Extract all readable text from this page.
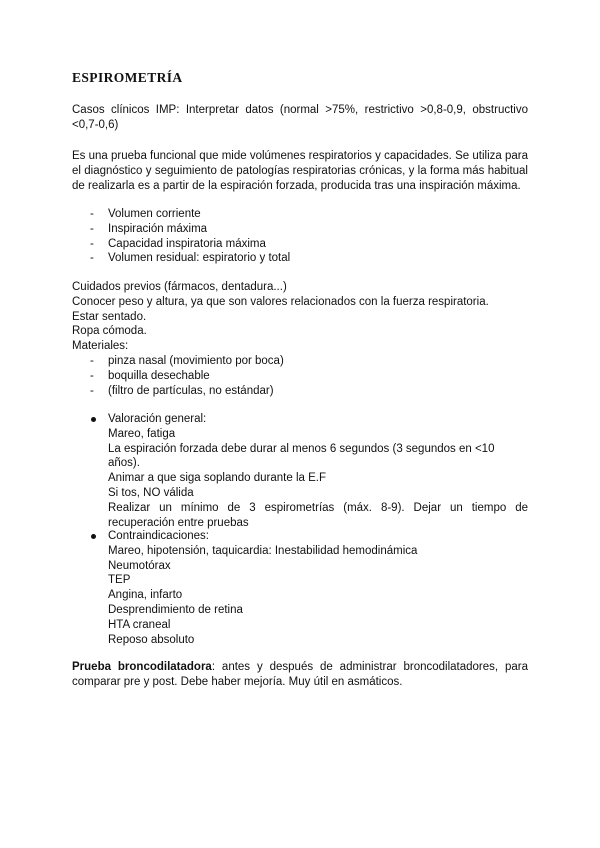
ESPIROMETRÍA
Casos clínicos IMP: Interpretar datos (normal >75%, restrictivo >0,8-0,9, obstructivo <0,7-0,6)
Es una prueba funcional que mide volúmenes respiratorios y capacidades. Se utiliza para el diagnóstico y seguimiento de patologías respiratorias crónicas, y la forma más habitual de realizarla es a partir de la espiración forzada, producida tras una inspiración máxima.
- Volumen corriente
- Inspiración máxima
- Capacidad inspiratoria máxima
- Volumen residual: espiratorio y total
Cuidados previos (fármacos, dentadura...)
Conocer peso y altura, ya que son valores relacionados con la fuerza respiratoria.
Estar sentado.
Ropa cómoda.
Materiales:
- pinza nasal (movimiento por boca)
- boquilla desechable
- (filtro de partículas, no estándar)
Valoración general:
Mareo, fatiga
La espiración forzada debe durar al menos 6 segundos (3 segundos en <10 años).
Animar a que siga soplando durante la E.F
Si tos, NO válida
Realizar un mínimo de 3 espirometrías (máx. 8-9). Dejar un tiempo de recuperación entre pruebas
Contraindicaciones:
Mareo, hipotensión, taquicardia: Inestabilidad hemodinámica
Neumotórax
TEP
Angina, infarto
Desprendimiento de retina
HTA craneal
Reposo absoluto
Prueba broncodilatadora: antes y después de administrar broncodilatadores, para comparar pre y post. Debe haber mejoría. Muy útil en asmáticos.
